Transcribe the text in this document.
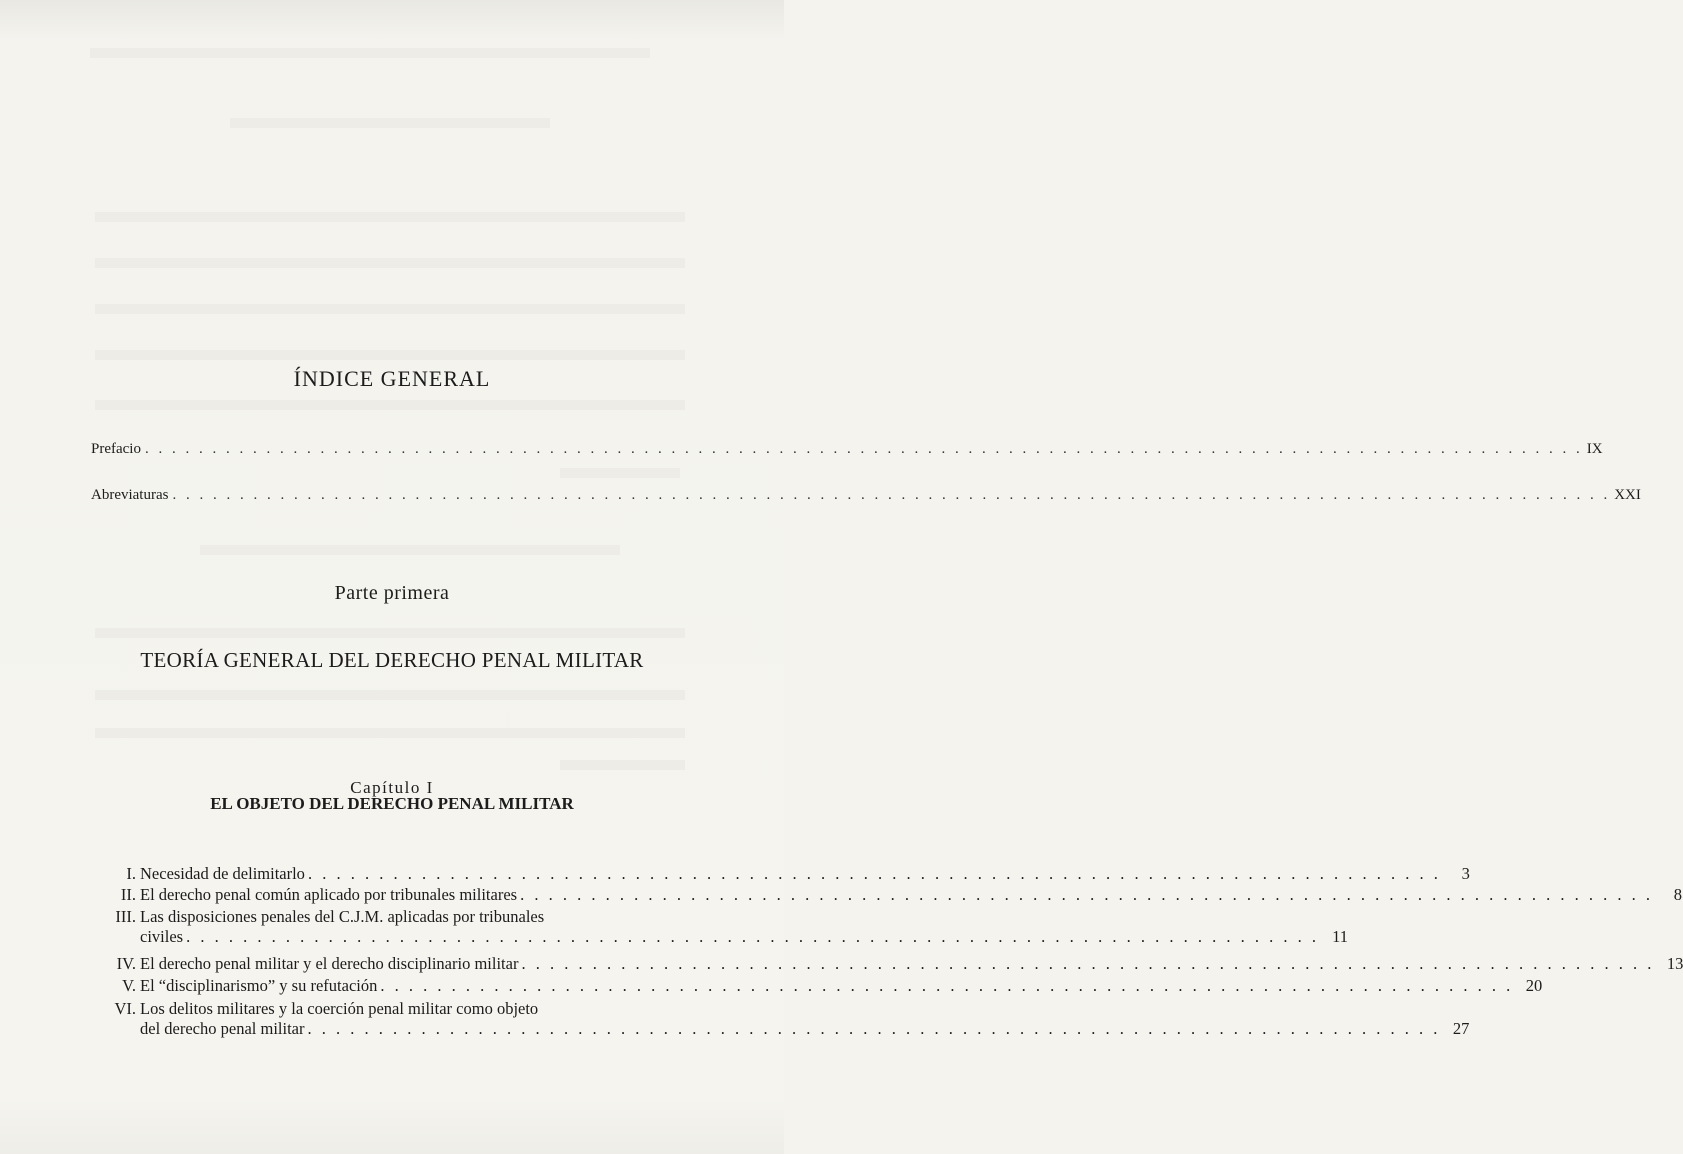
ÍNDICE GENERAL
Prefacio . . .	IX
Abreviaturas . . .	XXI
Parte primera
TEORÍA GENERAL DEL DERECHO PENAL MILITAR
Capítulo I
EL OBJETO DEL DERECHO PENAL MILITAR
I. Necesidad de delimitarlo . . .	3
II. El derecho penal común aplicado por tribunales militares . . .	8
III. Las disposiciones penales del C.J.M. aplicadas por tribunales
civiles . . .	11
IV. El derecho penal militar y el derecho disciplinario militar . . .	13
V. El “disciplinarismo” y su refutación . . .	20
VI. Los delitos militares y la coerción penal militar como objeto
del derecho penal militar . . .	27
